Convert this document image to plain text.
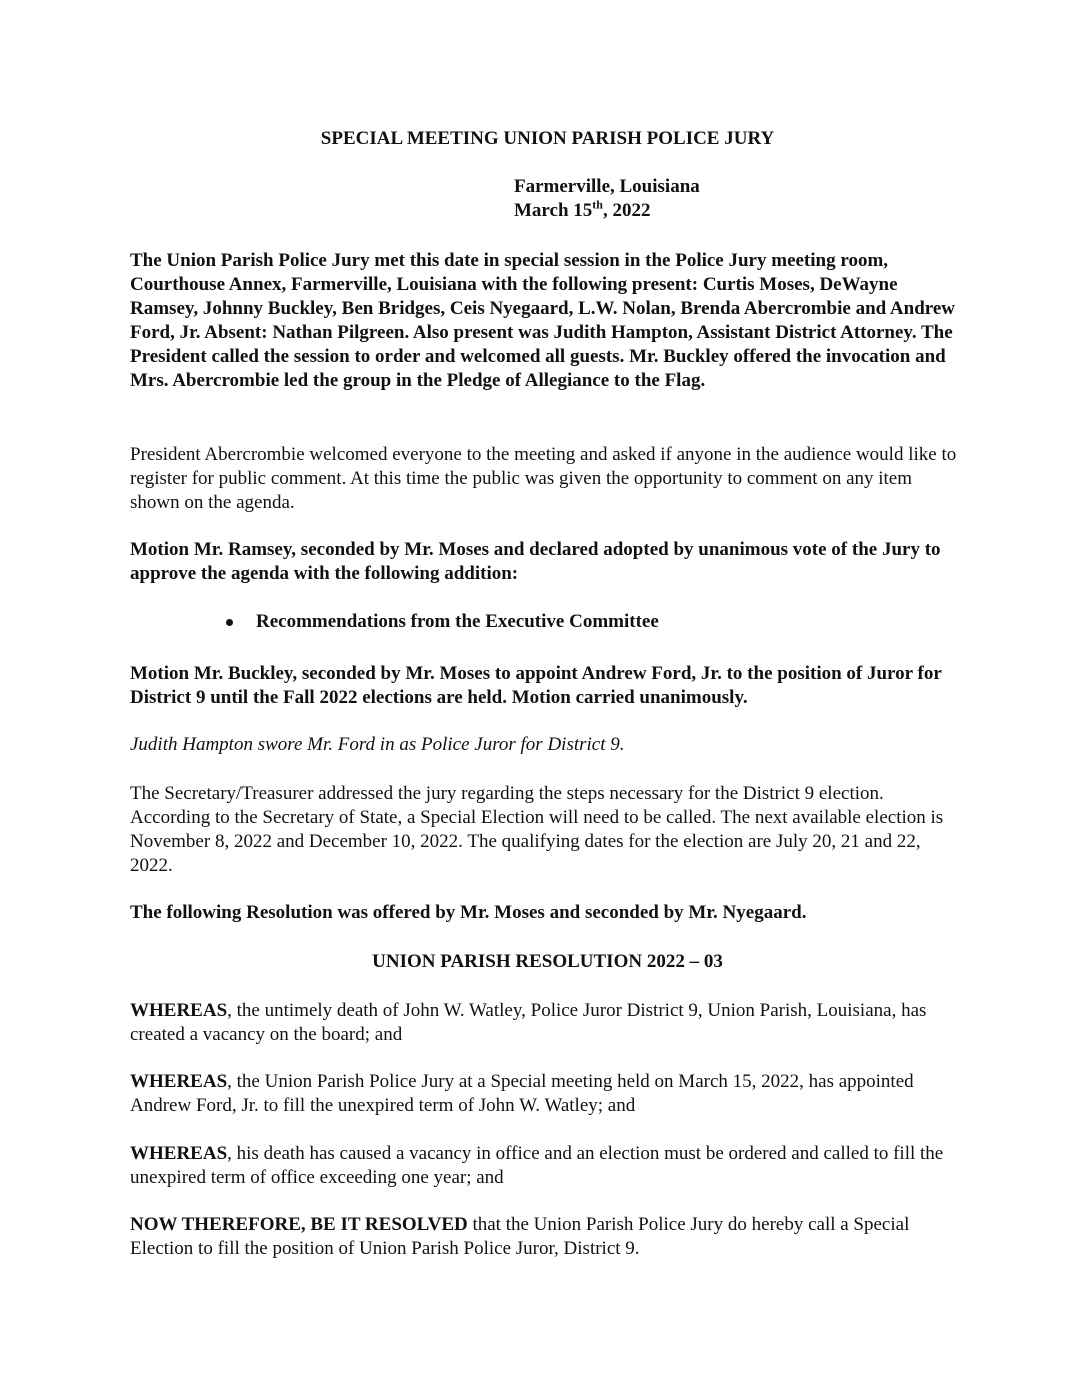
SPECIAL MEETING UNION PARISH POLICE JURY
Farmerville, Louisiana
March 15th, 2022

The Union Parish Police Jury met this date in special session in the Police Jury meeting room, Courthouse Annex, Farmerville, Louisiana with the following present: Curtis Moses, DeWayne Ramsey, Johnny Buckley, Ben Bridges, Ceis Nyegaard, L.W. Nolan, Brenda Abercrombie and Andrew Ford, Jr. Absent: Nathan Pilgreen. Also present was Judith Hampton, Assistant District Attorney. The President called the session to order and welcomed all guests. Mr. Buckley offered the invocation and Mrs. Abercrombie led the group in the Pledge of Allegiance to the Flag.

President Abercrombie welcomed everyone to the meeting and asked if anyone in the audience would like to register for public comment. At this time the public was given the opportunity to comment on any item shown on the agenda.

Motion Mr. Ramsey, seconded by Mr. Moses and declared adopted by unanimous vote of the Jury to approve the agenda with the following addition:

Recommendations from the Executive Committee

Motion Mr. Buckley, seconded by Mr. Moses to appoint Andrew Ford, Jr. to the position of Juror for District 9 until the Fall 2022 elections are held. Motion carried unanimously.

Judith Hampton swore Mr. Ford in as Police Juror for District 9.

The Secretary/Treasurer addressed the jury regarding the steps necessary for the District 9 election. According to the Secretary of State, a Special Election will need to be called. The next available election is November 8, 2022 and December 10, 2022. The qualifying dates for the election are July 20, 21 and 22, 2022.

The following Resolution was offered by Mr. Moses and seconded by Mr. Nyegaard.

UNION PARISH RESOLUTION 2022 – 03

WHEREAS, the untimely death of John W. Watley, Police Juror District 9, Union Parish, Louisiana, has created a vacancy on the board; and

WHEREAS, the Union Parish Police Jury at a Special meeting held on March 15, 2022, has appointed Andrew Ford, Jr. to fill the unexpired term of John W. Watley; and

WHEREAS, his death has caused a vacancy in office and an election must be ordered and called to fill the unexpired term of office exceeding one year; and

NOW THEREFORE, BE IT RESOLVED that the Union Parish Police Jury do hereby call a Special Election to fill the position of Union Parish Police Juror, District 9.
